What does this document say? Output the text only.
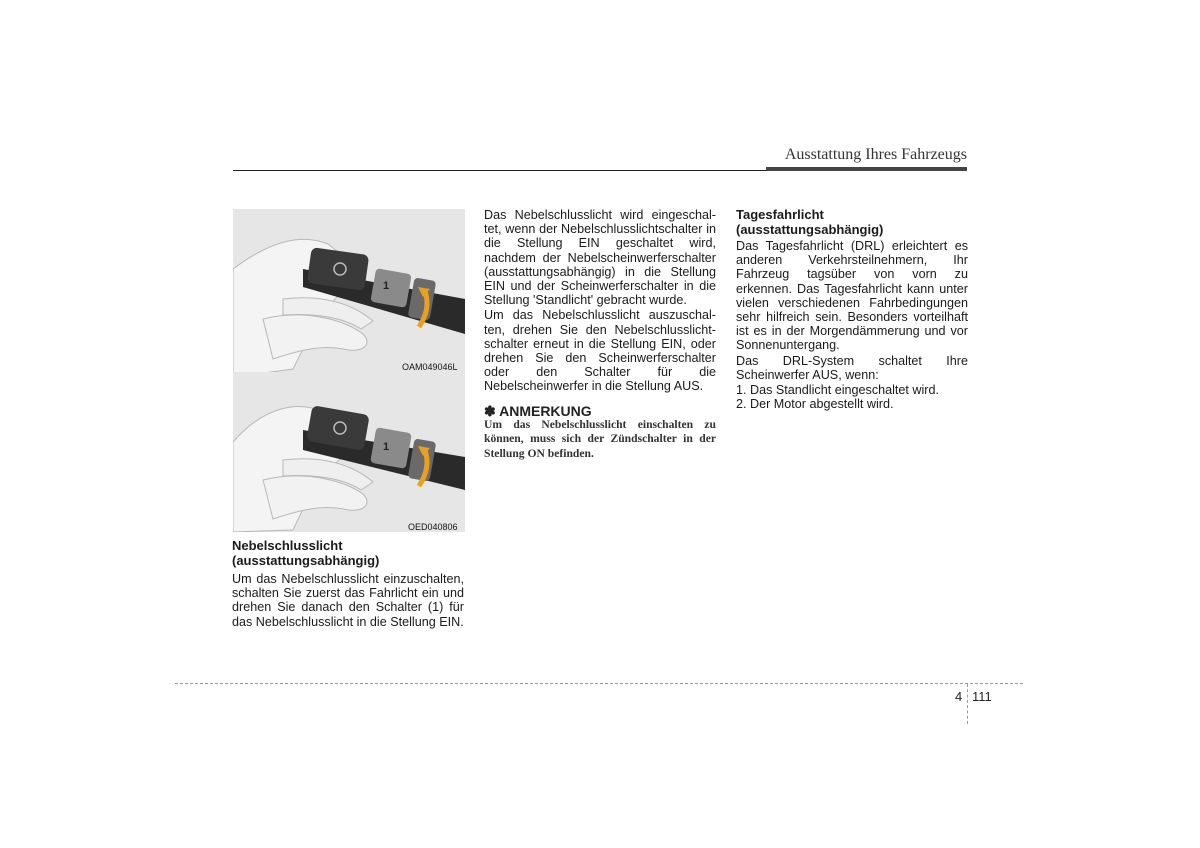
Ausstattung Ihres Fahrzeugs
1
OAM049046L
1
OED040806
Nebelschlusslicht (ausstattungsabhängig)
Um das Nebelschlusslicht einzuschalten, schalten Sie zuerst das Fahrlicht ein und drehen Sie danach den Schalter (1) für das Nebelschlusslicht in die Stellung EIN.

Das Nebelschlusslicht wird eingeschal-tet, wenn der Nebelschlusslichtschalter in die Stellung EIN geschaltet wird, nachdem der Nebelscheinwerferschalter (ausstattungsabhängig) in die Stellung EIN und der Scheinwerferschalter in die Stellung 'Standlicht' gebracht wurde.

Um das Nebelschlusslicht auszuschal-ten, drehen Sie den Nebelschlusslicht-schalter erneut in die Stellung EIN, oder drehen Sie den Scheinwerferschalter oder den Schalter für die Nebelscheinwerfer in die Stellung AUS.

✽ ANMERKUNG
Um das Nebelschlusslicht einschalten zu können, muss sich der Zündschalter in der Stellung ON befinden.
Tagesfahrlicht (ausstattungsabhängig)
Das Tagesfahrlicht (DRL) erleichtert es anderen Verkehrsteilnehmern, Ihr Fahrzeug tagsüber von vorn zu erkennen. Das Tagesfahrlicht kann unter vielen verschiedenen Fahrbedingungen sehr hilfreich sein. Besonders vorteilhaft ist es in der Morgendämmerung und vor Sonnenuntergang.
Das DRL-System schaltet Ihre Scheinwerfer AUS, wenn:
1. Das Standlicht eingeschaltet wird.
2. Der Motor abgestellt wird.
4 111
